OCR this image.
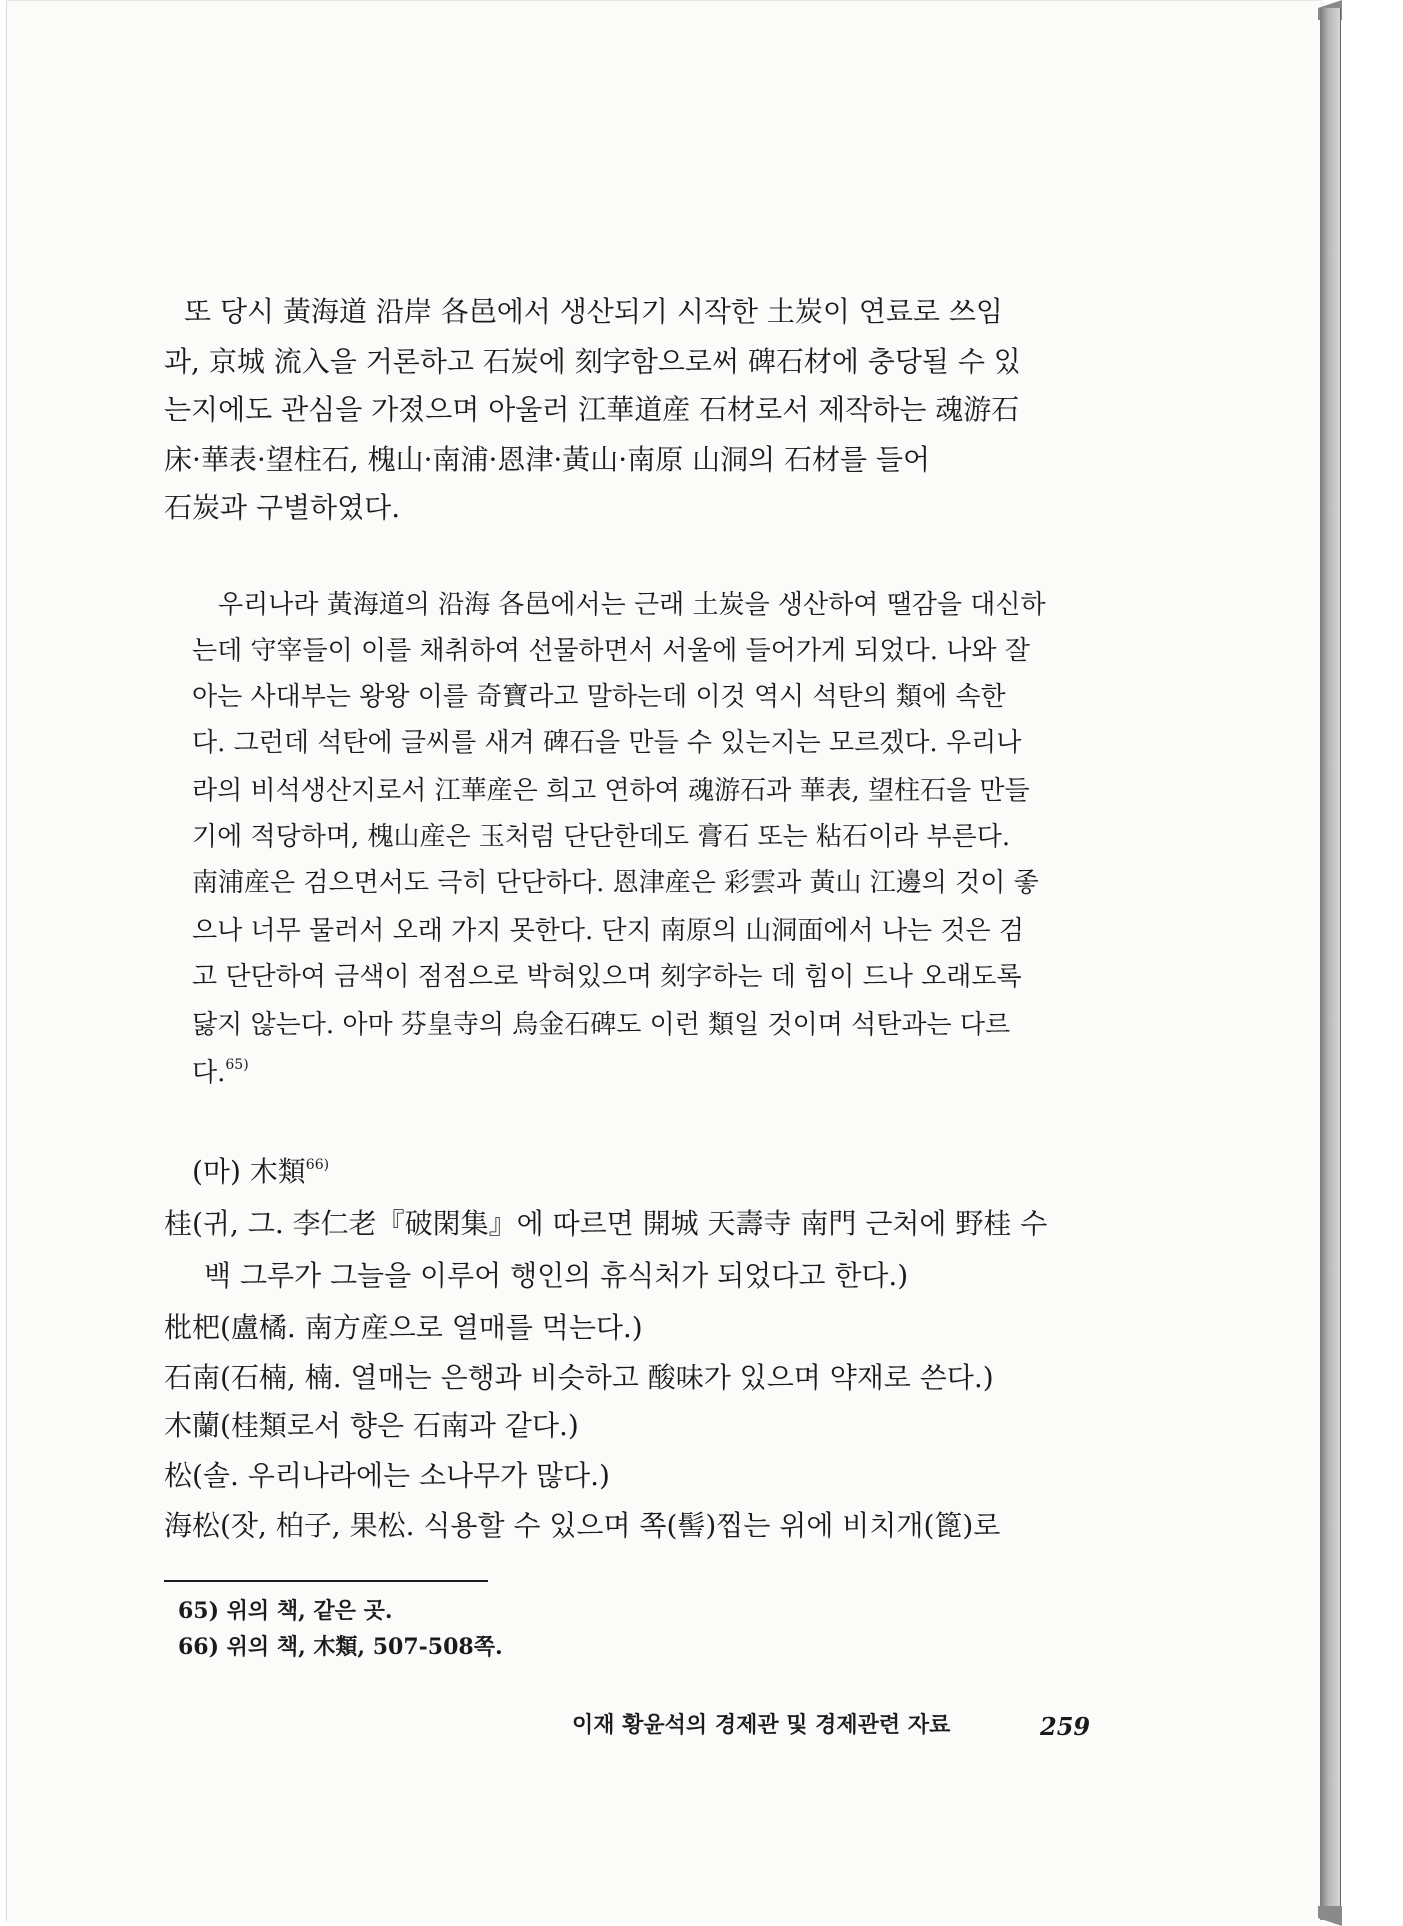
또 당시 黃海道 沿岸 各邑에서 생산되기 시작한 土炭이 연료로 쓰임
과, 京城 流入을 거론하고 石炭에 刻字함으로써 碑石材에 충당될 수 있
는지에도 관심을 가졌으며 아울러 江華道産 石材로서 제작하는 魂游石
床·華表·望柱石, 槐山·南浦·恩津·黃山·南原 山洞의 石材를 들어
石炭과 구별하였다.
우리나라 黃海道의 沿海 各邑에서는 근래 土炭을 생산하여 땔감을 대신하
는데 守宰들이 이를 채취하여 선물하면서 서울에 들어가게 되었다. 나와 잘
아는 사대부는 왕왕 이를 奇寶라고 말하는데 이것 역시 석탄의 類에 속한
다. 그런데 석탄에 글씨를 새겨 碑石을 만들 수 있는지는 모르겠다. 우리나
라의 비석생산지로서 江華産은 희고 연하여 魂游石과 華表, 望柱石을 만들
기에 적당하며, 槐山産은 玉처럼 단단한데도 膏石 또는 粘石이라 부른다.
南浦産은 검으면서도 극히 단단하다. 恩津産은 彩雲과 黃山 江邊의 것이 좋
으나 너무 물러서 오래 가지 못한다. 단지 南原의 山洞面에서 나는 것은 검
고 단단하여 금색이 점점으로 박혀있으며 刻字하는 데 힘이 드나 오래도록
닳지 않는다. 아마 芬皇寺의 烏金石碑도 이런 類일 것이며 석탄과는 다르
다.$^{65)}$
(마) 木類$^{66)}$
桂(귀, 그. 李仁老『破閑集』에 따르면 開城 天壽寺 南門 근처에 野桂 수
백 그루가 그늘을 이루어 행인의 휴식처가 되었다고 한다.)
枇杷(盧橘. 南方産으로 열매를 먹는다.)
石南(石楠, 楠. 열매는 은행과 비슷하고 酸味가 있으며 약재로 쓴다.)
木蘭(桂類로서 향은 石南과 같다.)
松(솔. 우리나라에는 소나무가 많다.)
海松(잣, 柏子, 果松. 식용할 수 있으며 쪽(髻)찝는 위에 비치개(篦)로
65) 위의 책, 같은 곳.
66) 위의 책, 木類, 507-508쪽.
이재 황윤석의 경제관 및 경제관련 자료	259
